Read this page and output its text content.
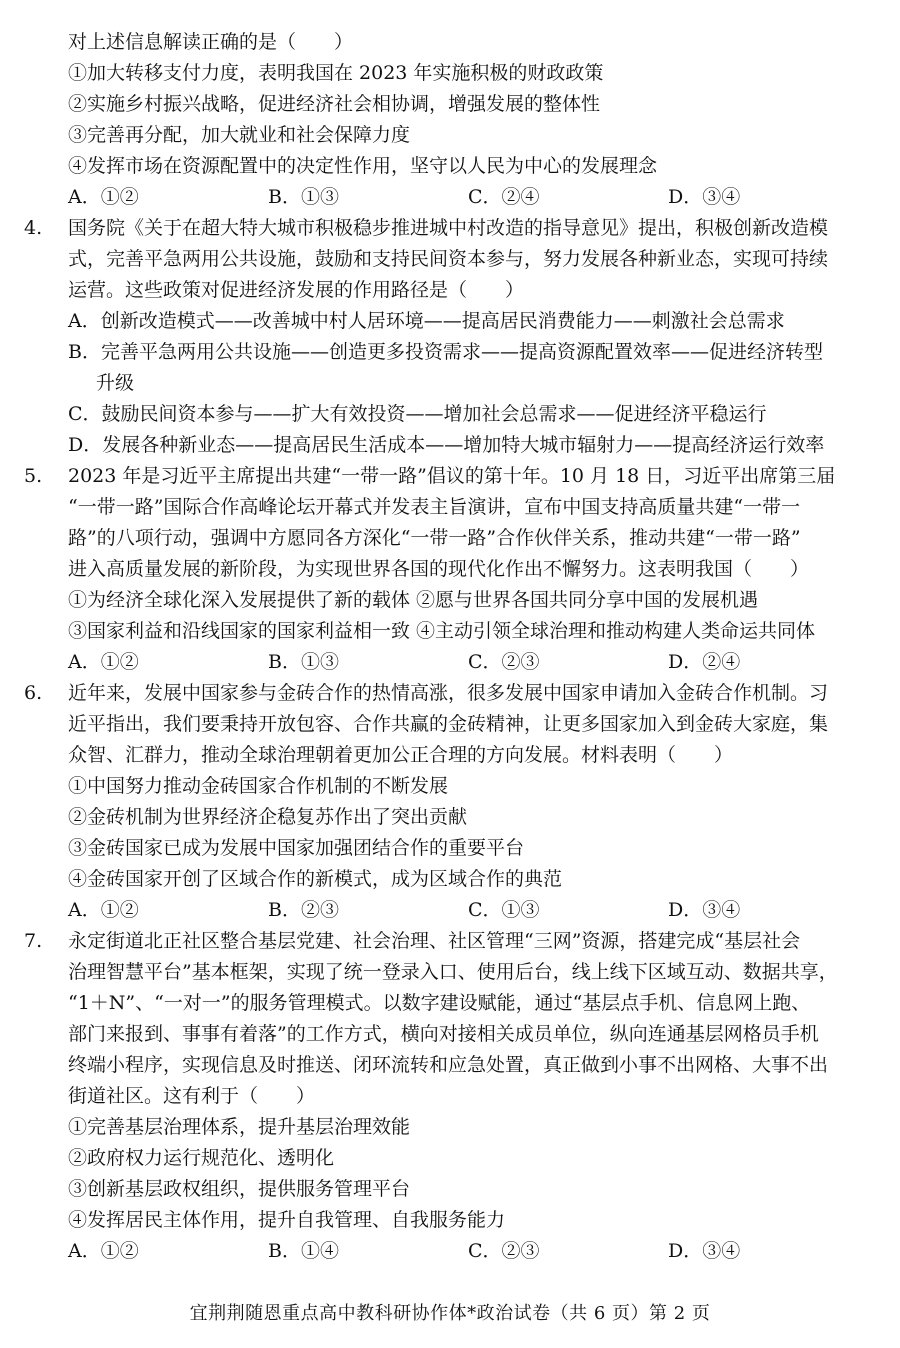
对上述信息解读正确的是（　　）
①加大转移支付力度，表明我国在 2023 年实施积极的财政政策
②实施乡村振兴战略，促进经济社会相协调，增强发展的整体性
③完善再分配，加大就业和社会保障力度
④发挥市场在资源配置中的决定性作用，坚守以人民为中心的发展理念
A．①②	B．①③	C．②④	D．③④
4. 国务院《关于在超大特大城市积极稳步推进城中村改造的指导意见》提出，积极创新改造模
式，完善平急两用公共设施，鼓励和支持民间资本参与，努力发展各种新业态，实现可持续
运营。这些政策对促进经济发展的作用路径是（　　）
A．创新改造模式——改善城中村人居环境——提高居民消费能力——刺激社会总需求
B．完善平急两用公共设施——创造更多投资需求——提高资源配置效率——促进经济转型
升级
C．鼓励民间资本参与——扩大有效投资——增加社会总需求——促进经济平稳运行
D．发展各种新业态——提高居民生活成本——增加特大城市辐射力——提高经济运行效率
5. 2023 年是习近平主席提出共建“一带一路”倡议的第十年。10 月 18 日，习近平出席第三届
“一带一路”国际合作高峰论坛开幕式并发表主旨演讲，宣布中国支持高质量共建“一带一
路”的八项行动，强调中方愿同各方深化“一带一路”合作伙伴关系，推动共建“一带一路”
进入高质量发展的新阶段，为实现世界各国的现代化作出不懈努力。这表明我国（　　）
①为经济全球化深入发展提供了新的载体 ②愿与世界各国共同分享中国的发展机遇
③国家利益和沿线国家的国家利益相一致 ④主动引领全球治理和推动构建人类命运共同体
A．①②	B．①③	C．②③	D．②④
6. 近年来，发展中国家参与金砖合作的热情高涨，很多发展中国家申请加入金砖合作机制。习
近平指出，我们要秉持开放包容、合作共赢的金砖精神，让更多国家加入到金砖大家庭，集
众智、汇群力，推动全球治理朝着更加公正合理的方向发展。材料表明（　　）
①中国努力推动金砖国家合作机制的不断发展
②金砖机制为世界经济企稳复苏作出了突出贡献
③金砖国家已成为发展中国家加强团结合作的重要平台
④金砖国家开创了区域合作的新模式，成为区域合作的典范
A．①②	B．②③	C．①③	D．③④
7. 永定街道北正社区整合基层党建、社会治理、社区管理“三网”资源，搭建完成“基层社会
治理智慧平台”基本框架，实现了统一登录入口、使用后台，线上线下区域互动、数据共享，
“1＋N”、“一对一”的服务管理模式。以数字建设赋能，通过“基层点手机、信息网上跑、
部门来报到、事事有着落”的工作方式，横向对接相关成员单位，纵向连通基层网格员手机
终端小程序，实现信息及时推送、闭环流转和应急处置，真正做到小事不出网格、大事不出
街道社区。这有利于（　　）
①完善基层治理体系，提升基层治理效能
②政府权力运行规范化、透明化
③创新基层政权组织，提供服务管理平台
④发挥居民主体作用，提升自我管理、自我服务能力
A．①②	B．①④	C．②③	D．③④
宜荆荆随恩重点高中教科研协作体*政治试卷（共 6 页）第 2 页
